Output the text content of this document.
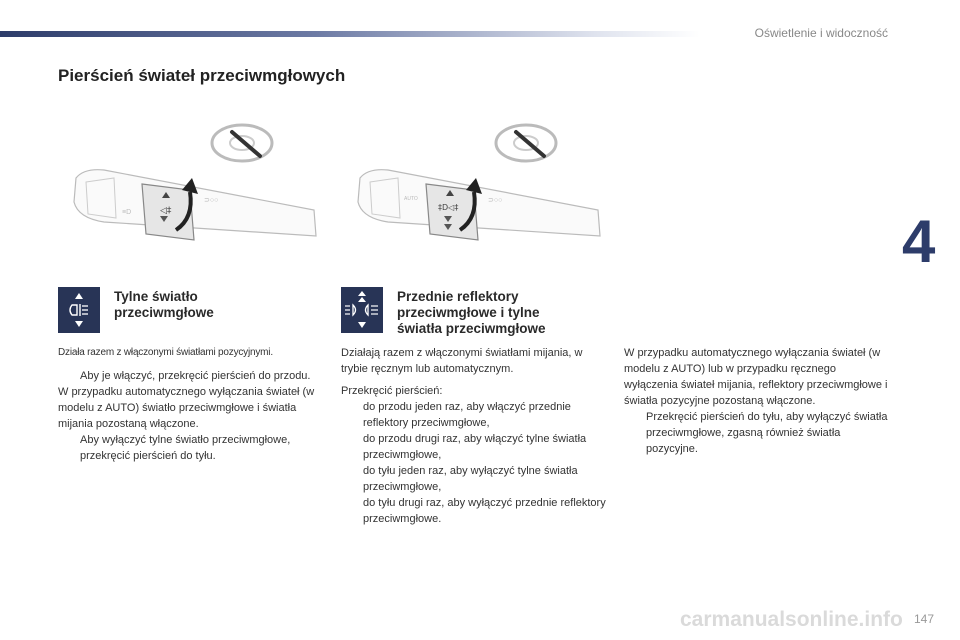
Oświetlenie i widoczność
4
Pierścień świateł przeciwmgłowych
≡D
⊃○○
◁‡
AUTO	⊃○○
‡D◁‡
Tylne światło
przeciwmgłowe
Działa razem z włączonymi światłami pozycyjnymi.
Aby je włączyć, przekręcić pierścień do przodu.

W przypadku automatycznego wyłączania świateł (w modelu z AUTO) światło przeciwmgłowe i światła mijania pozostaną włączone.

Aby wyłączyć tylne światło przeciwmgłowe, przekręcić pierścień do tyłu.
Przednie reflektory
przeciwmgłowe i tylne
światła przeciwmgłowe

Działają razem z włączonymi światłami mijania, w trybie ręcznym lub automatycznym.

Przekręcić pierścień:

do przodu jeden raz, aby włączyć przednie reflektory przeciwmgłowe,
do przodu drugi raz, aby włączyć tylne światła przeciwmgłowe,
do tyłu jeden raz, aby wyłączyć tylne światła przeciwmgłowe,
do tyłu drugi raz, aby wyłączyć przednie reflektory przeciwmgłowe.

W przypadku automatycznego wyłączania świateł (w modelu z AUTO) lub w przypadku ręcznego wyłączenia świateł mijania, reflektory przeciwmgłowe i światła pozycyjne pozostaną włączone.

Przekręcić pierścień do tyłu, aby wyłączyć światła przeciwmgłowe, zgasną również światła pozycyjne.
carmanualsonline.info 147
